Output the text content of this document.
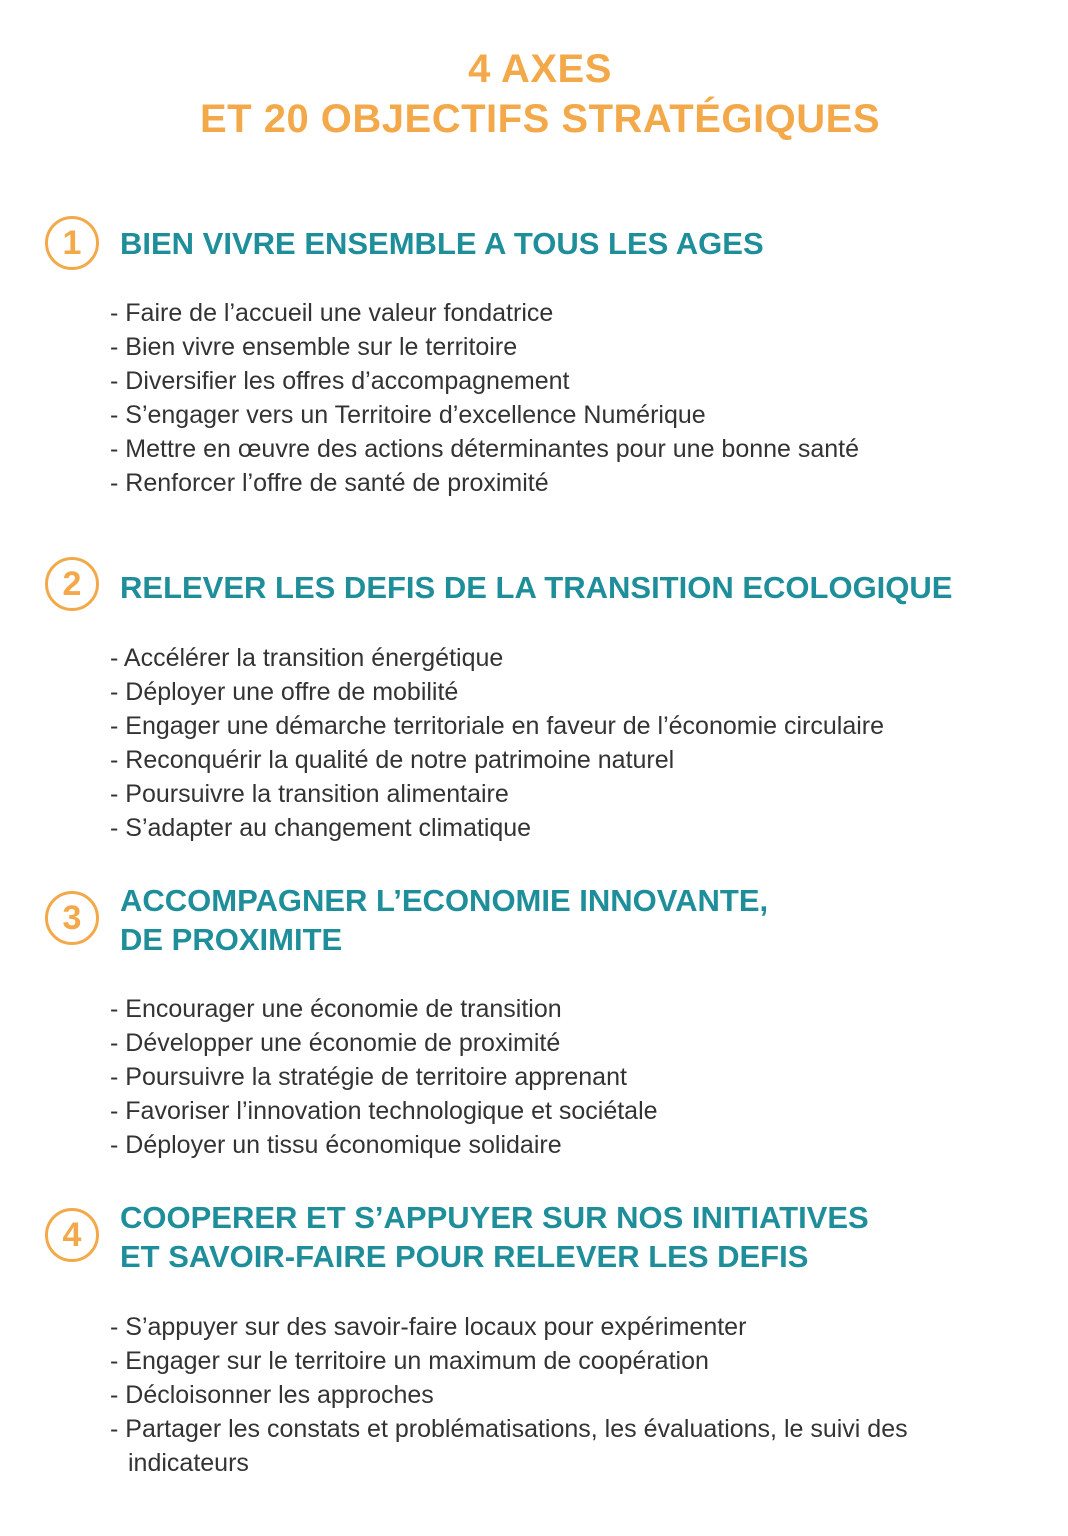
4 AXES
ET 20 OBJECTIFS STRATÉGIQUES
1	BIEN VIVRE ENSEMBLE A TOUS LES AGES
- Faire de l’accueil une valeur fondatrice
- Bien vivre ensemble sur le territoire
- Diversifier les offres d’accompagnement
- S’engager vers un Territoire d’excellence Numérique
- Mettre en œuvre des actions déterminantes pour une bonne santé
- Renforcer l’offre de santé de proximité
2	RELEVER LES DEFIS DE LA TRANSITION ECOLOGIQUE
- Accélérer la transition énergétique
- Déployer une offre de mobilité
- Engager une démarche territoriale en faveur de l’économie circulaire
- Reconquérir la qualité de notre patrimoine naturel
- Poursuivre la transition alimentaire
- S’adapter au changement climatique
3	ACCOMPAGNER L’ECONOMIE INNOVANTE,
DE PROXIMITE
- Encourager une économie de transition
- Développer une économie de proximité
- Poursuivre la stratégie de territoire apprenant
- Favoriser l’innovation technologique et sociétale
- Déployer un tissu économique solidaire
4	COOPERER ET S’APPUYER SUR NOS INITIATIVES
ET SAVOIR-FAIRE POUR RELEVER LES DEFIS
- S’appuyer sur des savoir-faire locaux pour expérimenter
- Engager sur le territoire un maximum de coopération
- Décloisonner les approches
- Partager les constats et problématisations, les évaluations, le suivi des indicateurs
